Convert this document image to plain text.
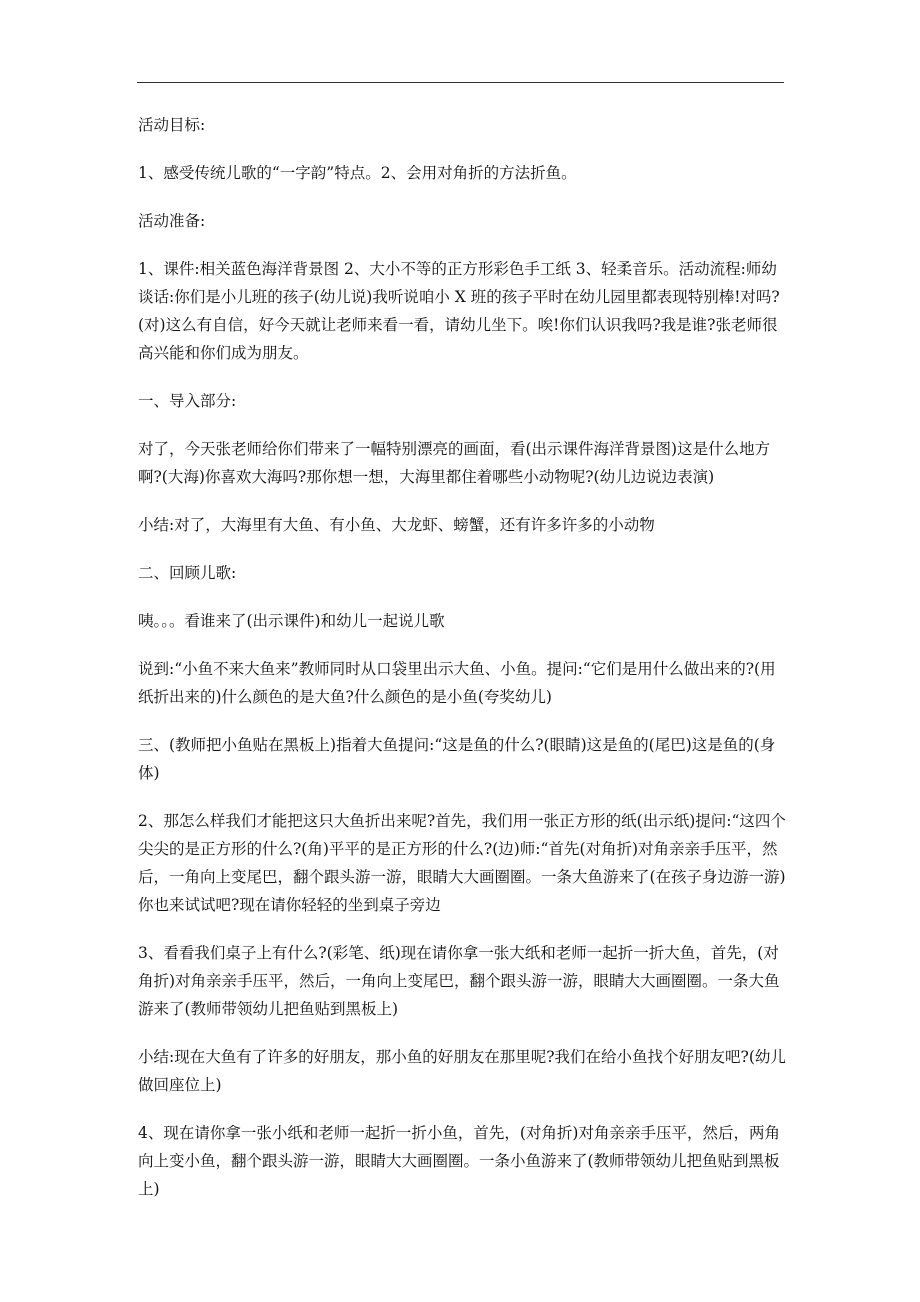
活动目标:

1、感受传统儿歌的“一字韵”特点。2、会用对角折的方法折鱼。

活动准备:

1、课件:相关蓝色海洋背景图 2、大小不等的正方形彩色手工纸 3、轻柔音乐。活动流程:师幼谈话:你们是小儿班的孩子(幼儿说)我听说咱小 X 班的孩子平时在幼儿园里都表现特别棒!对吗?(对)这么有自信，好今天就让老师来看一看，请幼儿坐下。唉!你们认识我吗?我是谁?张老师很高兴能和你们成为朋友。

一、导入部分:

对了，今天张老师给你们带来了一幅特别漂亮的画面，看(出示课件海洋背景图)这是什么地方啊?(大海)你喜欢大海吗?那你想一想，大海里都住着哪些小动物呢?(幼儿边说边表演)

小结:对了，大海里有大鱼、有小鱼、大龙虾、螃蟹，还有许多许多的小动物

二、回顾儿歌:

咦。。。看谁来了(出示课件)和幼儿一起说儿歌

说到:“小鱼不来大鱼来”教师同时从口袋里出示大鱼、小鱼。提问:“它们是用什么做出来的?(用纸折出来的)什么颜色的是大鱼?什么颜色的是小鱼(夸奖幼儿)

三、(教师把小鱼贴在黑板上)指着大鱼提问:“这是鱼的什么?(眼睛)这是鱼的(尾巴)这是鱼的(身体)

2、那怎么样我们才能把这只大鱼折出来呢?首先，我们用一张正方形的纸(出示纸)提问:“这四个尖尖的是正方形的什么?(角)平平的是正方形的什么?(边)师:“首先(对角折)对角亲亲手压平，然后，一角向上变尾巴，翻个跟头游一游，眼睛大大画圈圈。一条大鱼游来了(在孩子身边游一游)你也来试试吧?现在请你轻轻的坐到桌子旁边

3、看看我们桌子上有什么?(彩笔、纸)现在请你拿一张大纸和老师一起折一折大鱼，首先，(对角折)对角亲亲手压平，然后，一角向上变尾巴，翻个跟头游一游，眼睛大大画圈圈。一条大鱼游来了(教师带领幼儿把鱼贴到黑板上)

小结:现在大鱼有了许多的好朋友，那小鱼的好朋友在那里呢?我们在给小鱼找个好朋友吧?(幼儿做回座位上)

4、现在请你拿一张小纸和老师一起折一折小鱼，首先，(对角折)对角亲亲手压平，然后，两角向上变小鱼，翻个跟头游一游，眼睛大大画圈圈。一条小鱼游来了(教师带领幼儿把鱼贴到黑板上)
